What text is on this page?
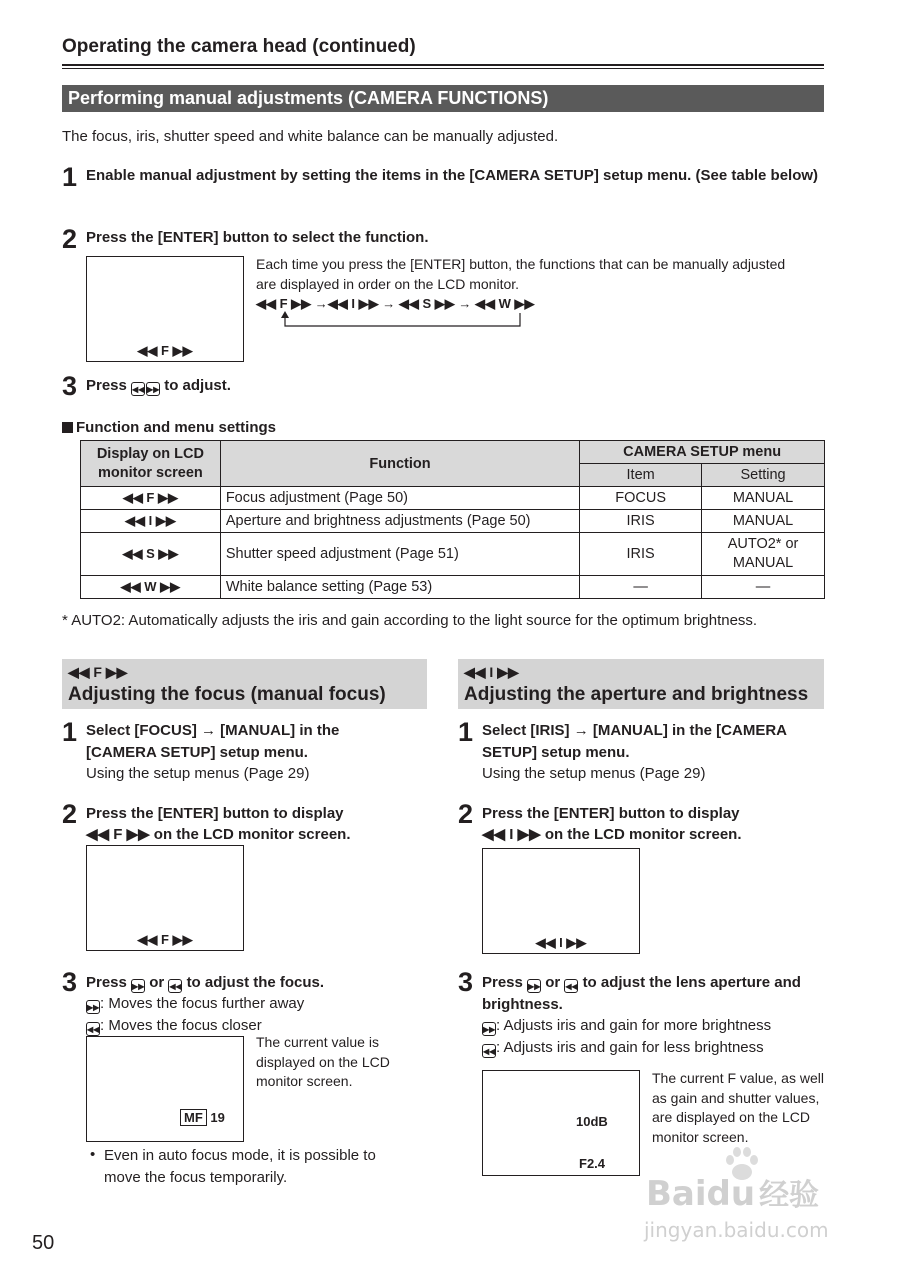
Operating the camera head (continued)
Performing manual adjustments (CAMERA FUNCTIONS)
The focus, iris, shutter speed and white balance can be manually adjusted.
1 Enable manual adjustment by setting the items in the [CAMERA SETUP] setup menu. (See table below)
2 Press the [ENTER] button to select the function.
◀◀ F ▶▶
Each time you press the [ENTER] button, the functions that can be manually adjusted are displayed in order on the LCD monitor.
◀◀ F ▶▶ →◀◀ I ▶▶ → ◀◀ S ▶▶ → ◀◀ W ▶▶
3 Press ◀◀ ▶▶ to adjust.
Function and menu settings
Display on LCD monitor screen	Function	CAMERA SETUP menu	
		Item	Setting
◀◀ F ▶▶	Focus adjustment (Page 50)	FOCUS	MANUAL
◀◀ I ▶▶	Aperture and brightness adjustments (Page 50)	IRIS	MANUAL
◀◀ S ▶▶	Shutter speed adjustment (Page 51)	IRIS	AUTO2* or MANUAL
◀◀ W ▶▶	White balance setting (Page 53)	—	—
* AUTO2: Automatically adjusts the iris and gain according to the light source for the optimum brightness.
◀◀ F ▶▶
Adjusting the focus (manual focus)
1 Select [FOCUS] → [MANUAL] in the [CAMERA SETUP] setup menu.
Using the setup menus (Page 29)
2 Press the [ENTER] button to display
◀◀ F ▶▶ on the LCD monitor screen.
◀◀ F ▶▶
3 Press ▶▶ or ◀◀ to adjust the focus.
▶▶: Moves the focus further away
◀◀: Moves the focus closer
MF 19
The current value is displayed on the LCD monitor screen.
• Even in auto focus mode, it is possible to move the focus temporarily.
◀◀ I ▶▶
Adjusting the aperture and brightness
1 Select [IRIS] → [MANUAL] in the [CAMERA SETUP] setup menu.
Using the setup menus (Page 29)
2 Press the [ENTER] button to display
◀◀ I ▶▶ on the LCD monitor screen.
◀◀ I ▶▶
3 Press ▶▶ or ◀◀ to adjust the lens aperture and brightness.
▶▶: Adjusts iris and gain for more brightness
◀◀: Adjusts iris and gain for less brightness
10dB
F2.4
The current F value, as well as gain and shutter values, are displayed on the LCD monitor screen.
50
Baidu 经验
jingyan.baidu.com
